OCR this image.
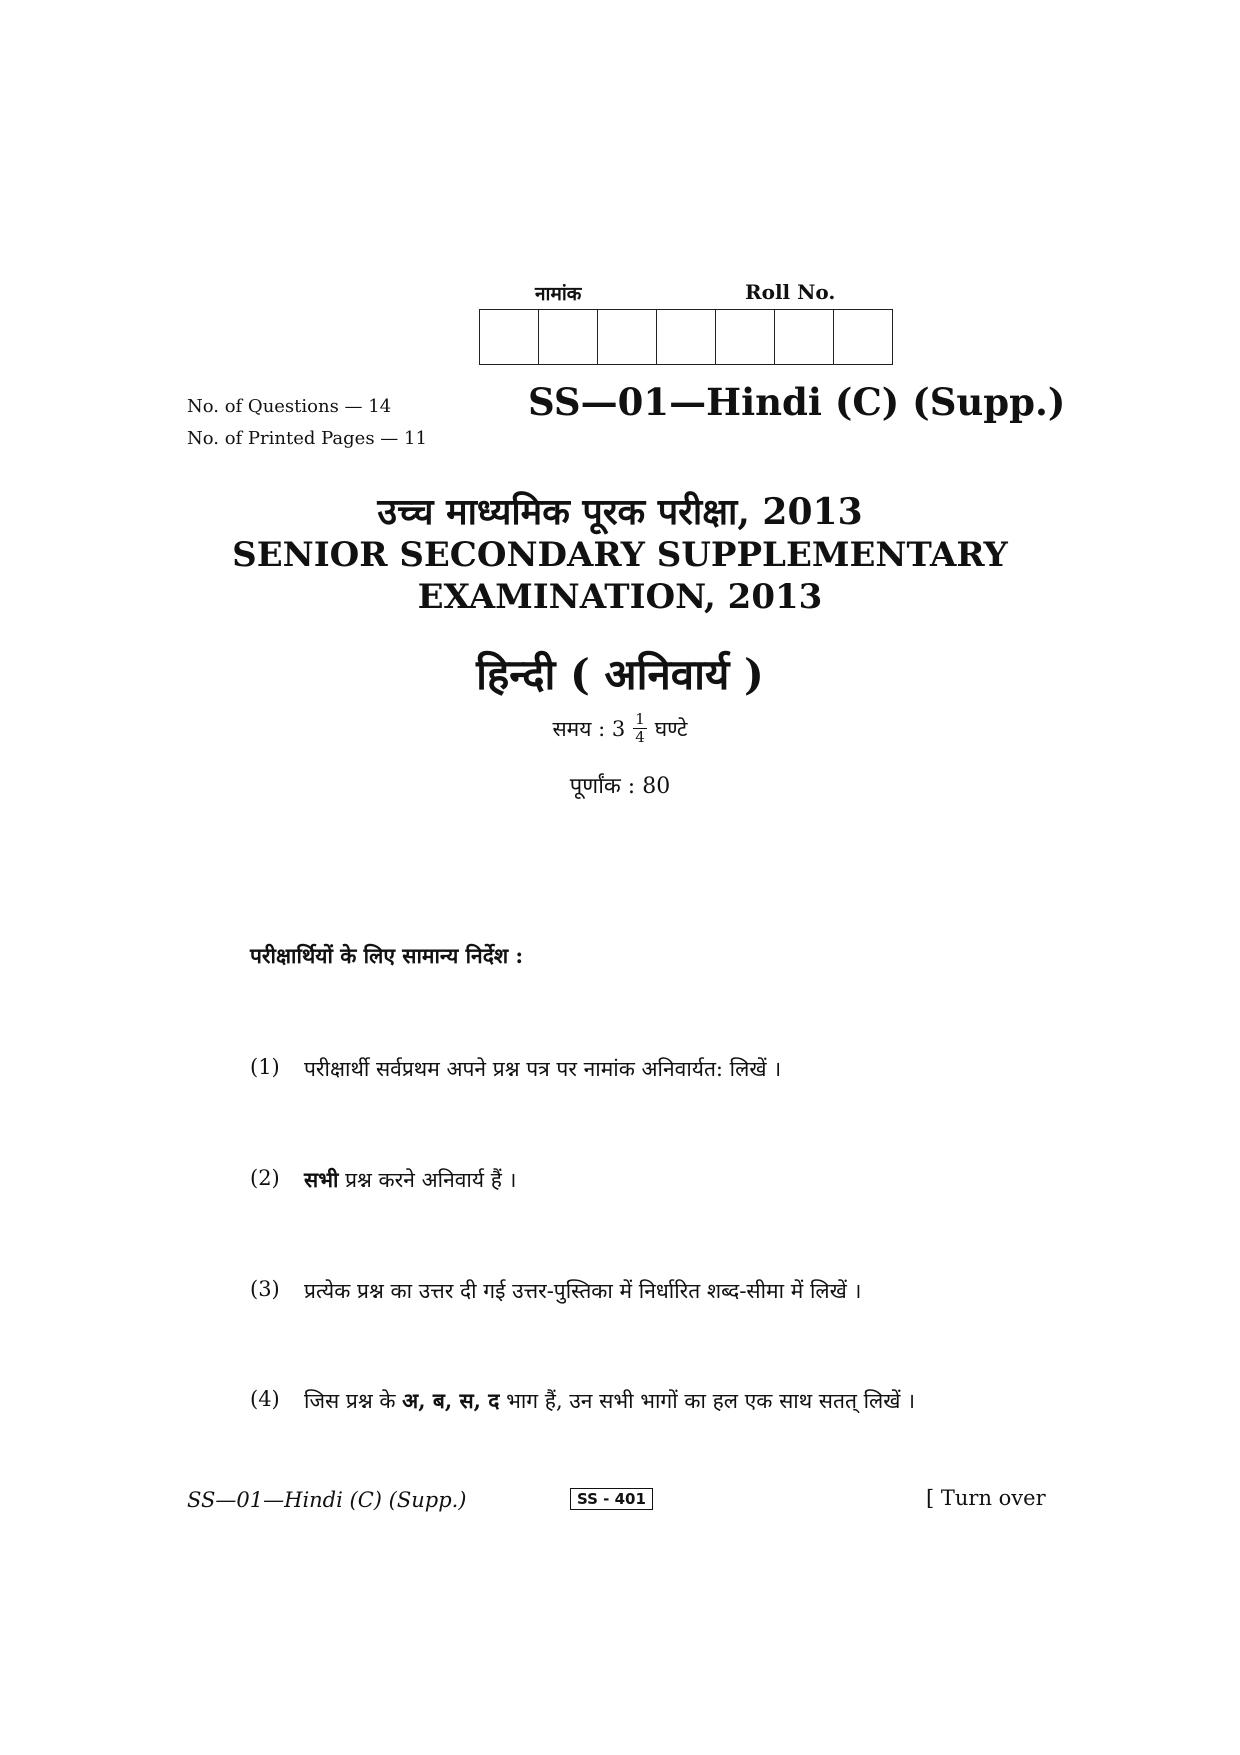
नामांक	Roll No.
No. of Questions — 14
No. of Printed Pages — 11
SS—01—Hindi (C) (Supp.)
उच्च माध्यमिक पूरक परीक्षा, 2013
SENIOR SECONDARY SUPPLEMENTARY
EXAMINATION, 2013
हिन्दी ( अनिवार्य )
समय : $3 \frac{1}{4}$ घण्टे
पूर्णांक : 80
परीक्षार्थियों के लिए सामान्य निर्देश :
(1)	परीक्षार्थी सर्वप्रथम अपने प्रश्न पत्र पर नामांक अनिवार्यत: लिखें ।
(2)	सभी प्रश्न करने अनिवार्य हैं ।
(3)	प्रत्येक प्रश्न का उत्तर दी गई उत्तर-पुस्तिका में निर्धारित शब्द-सीमा में लिखें ।
(4)	जिस प्रश्न के अ, ब, स, द भाग हैं, उन सभी भागों का हल एक साथ सतत् लिखें ।
SS—01—Hindi (C) (Supp.)	SS - 401	[ Turn over
